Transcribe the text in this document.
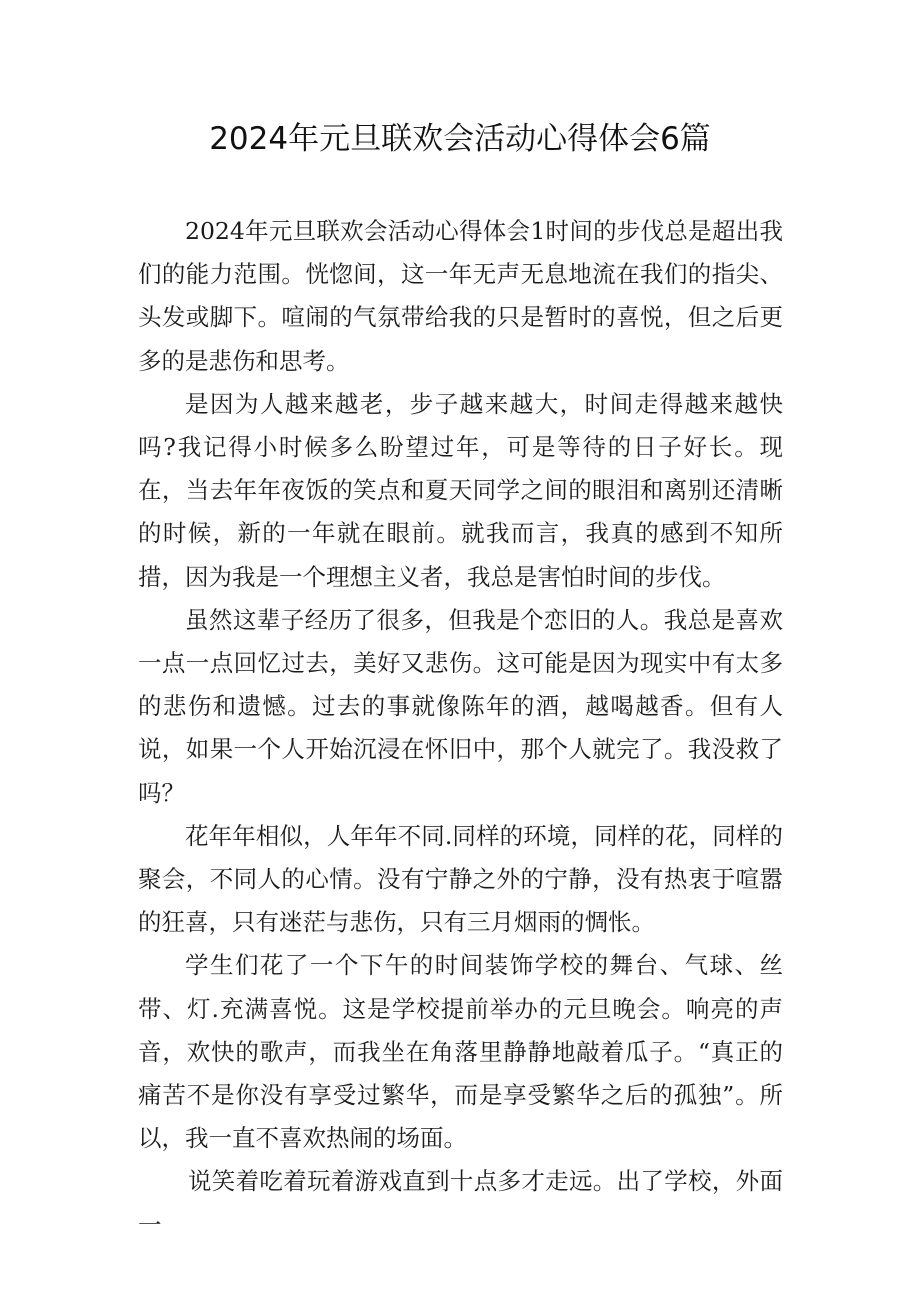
2024年元旦联欢会活动心得体会6篇

2024年元旦联欢会活动心得体会1时间的步伐总是超出我们的能力范围。恍惚间，这一年无声无息地流在我们的指尖、头发或脚下。喧闹的气氛带给我的只是暂时的喜悦，但之后更多的是悲伤和思考。

是因为人越来越老，步子越来越大，时间走得越来越快吗?我记得小时候多么盼望过年，可是等待的日子好长。现在，当去年年夜饭的笑点和夏天同学之间的眼泪和离别还清晰的时候，新的一年就在眼前。就我而言，我真的感到不知所措，因为我是一个理想主义者，我总是害怕时间的步伐。

虽然这辈子经历了很多，但我是个恋旧的人。我总是喜欢一点一点回忆过去，美好又悲伤。这可能是因为现实中有太多的悲伤和遗憾。过去的事就像陈年的酒，越喝越香。但有人说，如果一个人开始沉浸在怀旧中，那个人就完了。我没救了吗？

花年年相似，人年年不同.同样的环境，同样的花，同样的聚会，不同人的心情。没有宁静之外的宁静，没有热衷于喧嚣的狂喜，只有迷茫与悲伤，只有三月烟雨的惆怅。

学生们花了一个下午的时间装饰学校的舞台、气球、丝带、灯.充满喜悦。这是学校提前举办的元旦晚会。响亮的声音，欢快的歌声，而我坐在角落里静静地敲着瓜子。“真正的痛苦不是你没有享受过繁华，而是享受繁华之后的孤独”。所以，我一直不喜欢热闹的场面。

说笑着吃着玩着游戏直到十点多才走远。出了学校，外面一
